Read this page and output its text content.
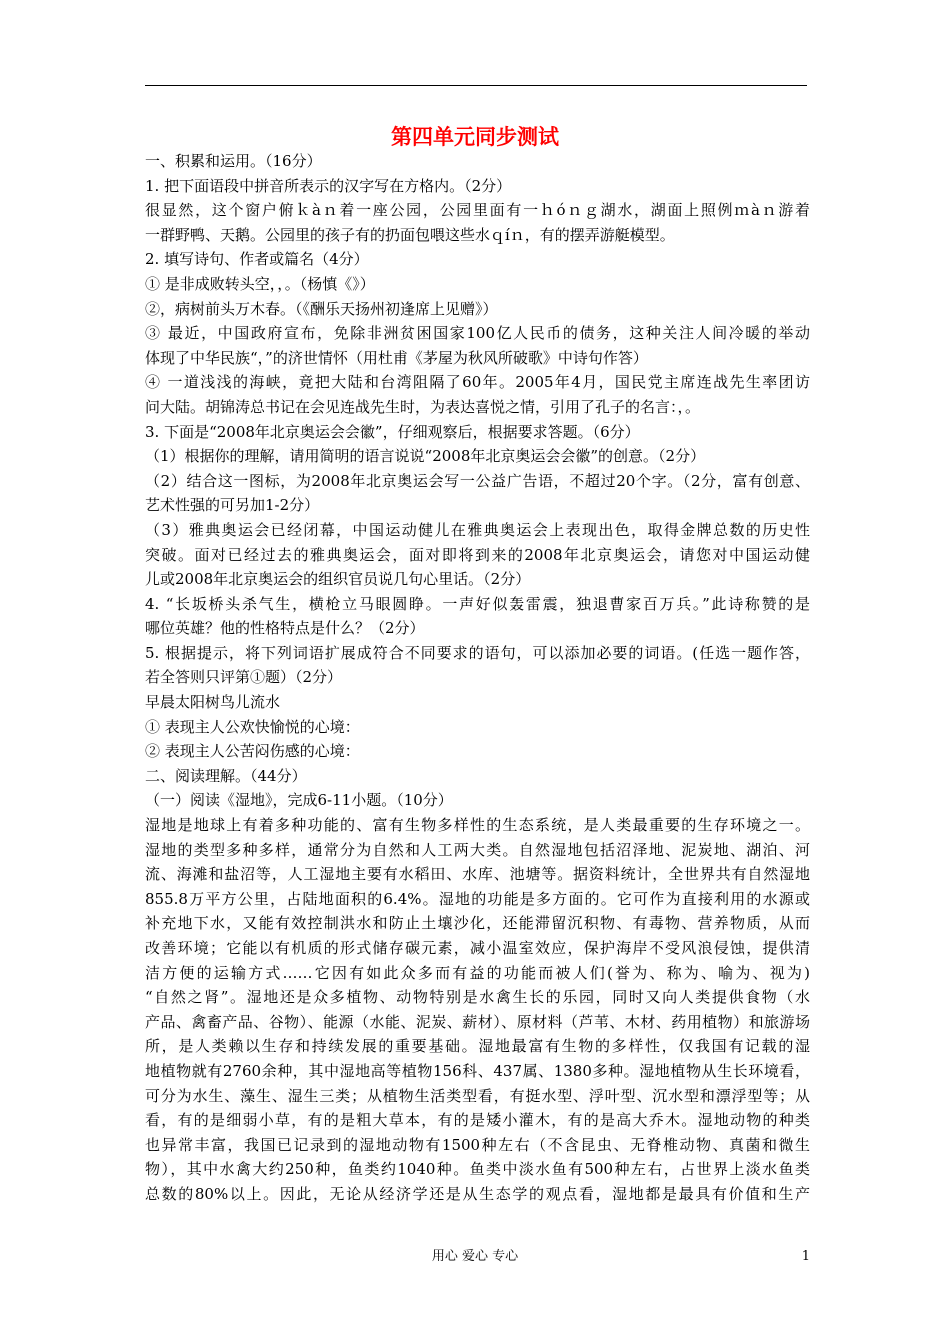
第四单元同步测试

一、积累和运用。（16分）

1. 把下面语段中拼音所表示的汉字写在方格内。（2分）

很显然，这个窗户俯ｋàｎ着一座公园，公园里面有一ｈóｎｇ湖水，湖面上照例ｍàｎ游着

一群野鸭、天鹅。公园里的孩子有的扔面包喂这些水ｑíｎ，有的摆弄游艇模型。

2. 填写诗句、作者或篇名（4分）

① 是非成败转头空，，。（杨慎《》）

②，病树前头万木春。（《酬乐天扬州初逢席上见赠》）

③ 最近，中国政府宣布，免除非洲贫困国家100亿人民币的债务，这种关注人间冷暖的举动

体现了中华民族“，”的济世情怀（用杜甫《茅屋为秋风所破歌》中诗句作答）

④ 一道浅浅的海峡，竟把大陆和台湾阻隔了60年。2005年4月，国民党主席连战先生率团访

问大陆。胡锦涛总书记在会见连战先生时，为表达喜悦之情，引用了孔子的名言：，。

3. 下面是“2008年北京奥运会会徽”，仔细观察后，根据要求答题。（6分）

（1）根据你的理解，请用简明的语言说说“2008年北京奥运会会徽”的创意。（2分）

（2）结合这一图标，为2008年北京奥运会写一公益广告语，不超过20个字。（2分，富有创意、

艺术性强的可另加1-2分）

（3）雅典奥运会已经闭幕，中国运动健儿在雅典奥运会上表现出色，取得金牌总数的历史性

突破。面对已经过去的雅典奥运会，面对即将到来的2008年北京奥运会，请您对中国运动健

儿或2008年北京奥运会的组织官员说几句心里话。（2分）

4. “长坂桥头杀气生，横枪立马眼圆睁。一声好似轰雷震，独退曹家百万兵。”此诗称赞的是

哪位英雄？他的性格特点是什么？（2分）

5. 根据提示，将下列词语扩展成符合不同要求的语句，可以添加必要的词语。(任选一题作答，

若全答则只评第①题）（2分）

早晨太阳树鸟儿流水

① 表现主人公欢快愉悦的心境：

② 表现主人公苦闷伤感的心境：

二、阅读理解。（44分）

（一）阅读《湿地》，完成6-11小题。（10分）

湿地是地球上有着多种功能的、富有生物多样性的生态系统，是人类最重要的生存环境之一。

湿地的类型多种多样，通常分为自然和人工两大类。自然湿地包括沼泽地、泥炭地、湖泊、河

流、海滩和盐沼等，人工湿地主要有水稻田、水库、池塘等。据资料统计，全世界共有自然湿地

855.8万平方公里，占陆地面积的6.4%。湿地的功能是多方面的。它可作为直接利用的水源或

补充地下水，又能有效控制洪水和防止土壤沙化，还能滞留沉积物、有毒物、营养物质，从而

改善环境；它能以有机质的形式储存碳元素，减小温室效应，保护海岸不受风浪侵蚀，提供清

洁方便的运输方式……它因有如此众多而有益的功能而被人们(誉为、称为、喻为、视为)

“自然之肾”。湿地还是众多植物、动物特别是水禽生长的乐园，同时又向人类提供食物（水

产品、禽畜产品、谷物）、能源（水能、泥炭、薪材）、原材料（芦苇、木材、药用植物）和旅游场

所，是人类赖以生存和持续发展的重要基础。湿地最富有生物的多样性，仅我国有记载的湿

地植物就有2760余种，其中湿地高等植物156科、437属、1380多种。湿地植物从生长环境看，

可分为水生、藻生、湿生三类；从植物生活类型看，有挺水型、浮叶型、沉水型和漂浮型等；从

看，有的是细弱小草，有的是粗大草本，有的是矮小灌木，有的是高大乔木。湿地动物的种类

也异常丰富，我国已记录到的湿地动物有1500种左右（不含昆虫、无脊椎动物、真菌和微生

物），其中水禽大约250种，鱼类约1040种。鱼类中淡水鱼有500种左右，占世界上淡水鱼类

总数的80%以上。因此，无论从经济学还是从生态学的观点看，湿地都是最具有价值和生产

用心 爱心 专心	1
